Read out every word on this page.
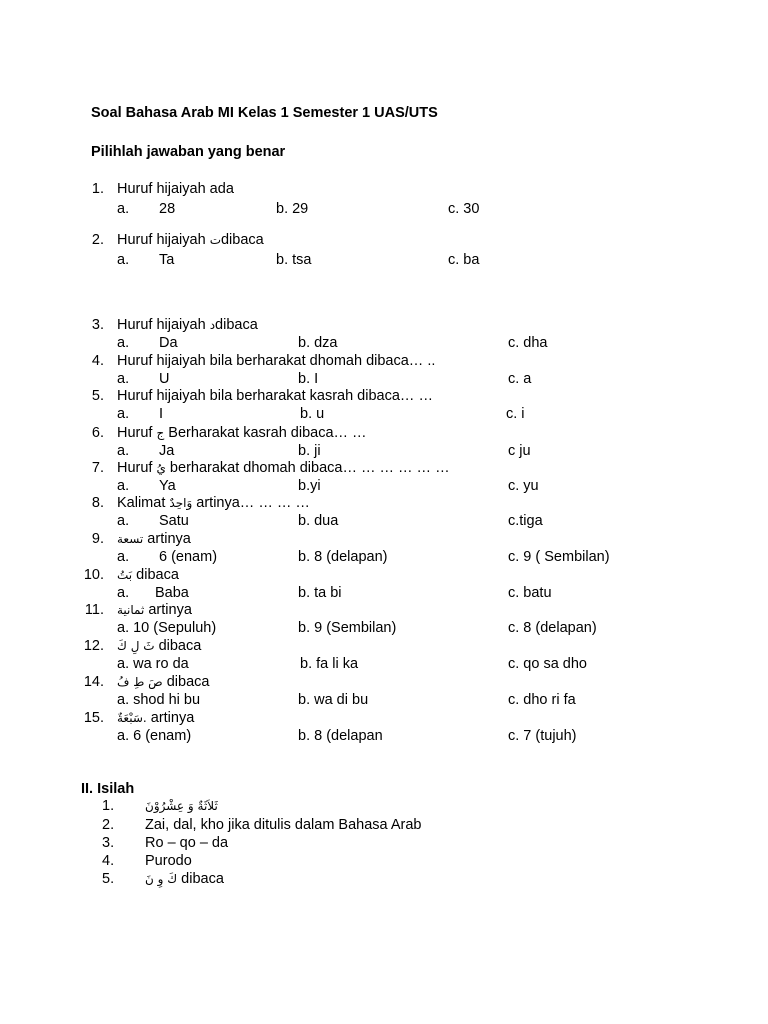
Soal Bahasa Arab MI Kelas 1 Semester 1 UAS/UTS
Pilihlah jawaban yang benar
1. Huruf hijaiyah ada
a. 28	b. 29	c. 30
2. Huruf hijaiyah تdibaca
a. Ta	b. tsa	c. ba
3. Huruf hijaiyah دdibaca
a. Da	b. dza	c. dha
4. Huruf hijaiyah bila berharakat dhomah dibaca… ..
a. U	b. I	c. a
5. Huruf hijaiyah bila berharakat kasrah dibaca… …
a. I	b. u	c. i
6. Huruf ج Berharakat kasrah dibaca… …
a. Ja	b. ji	c ju
7. Huruf يُ berharakat dhomah dibaca… … … … … …
a. Ya	b.yi	c. yu
8. Kalimat وَاحِدٌ artinya… … … …
a. Satu	b. dua	c.tiga
9. تسعة artinya
a. 6 (enam)	b. 8 (delapan)	c. 9 ( Sembilan)
10. بَتُ dibaca
a. Baba	b. ta bi	c. batu
11. ثمانية artinya
a. 10 (Sepuluh)	b. 9 (Sembilan)	c. 8 (delapan)
12. ثَ لِ كَ dibaca
a. wa ro da	b. fa li ka	c. qo sa dho
14. صَ طِ فُ dibaca
a. shod hi bu	b. wa di bu	c. dho ri fa
15. سَبْعَةٌ. artinya
a. 6 (enam)	b. 8 (delapan	c. 7 (tujuh)
II. Isilah
1.	ثَلاَثَةٌ وَ عِشْرُوْنَ
2. Zai, dal, kho jika ditulis dalam Bahasa Arab
3. Ro – qo – da
4. Purodo
5.	كَ وِ نَ dibaca
